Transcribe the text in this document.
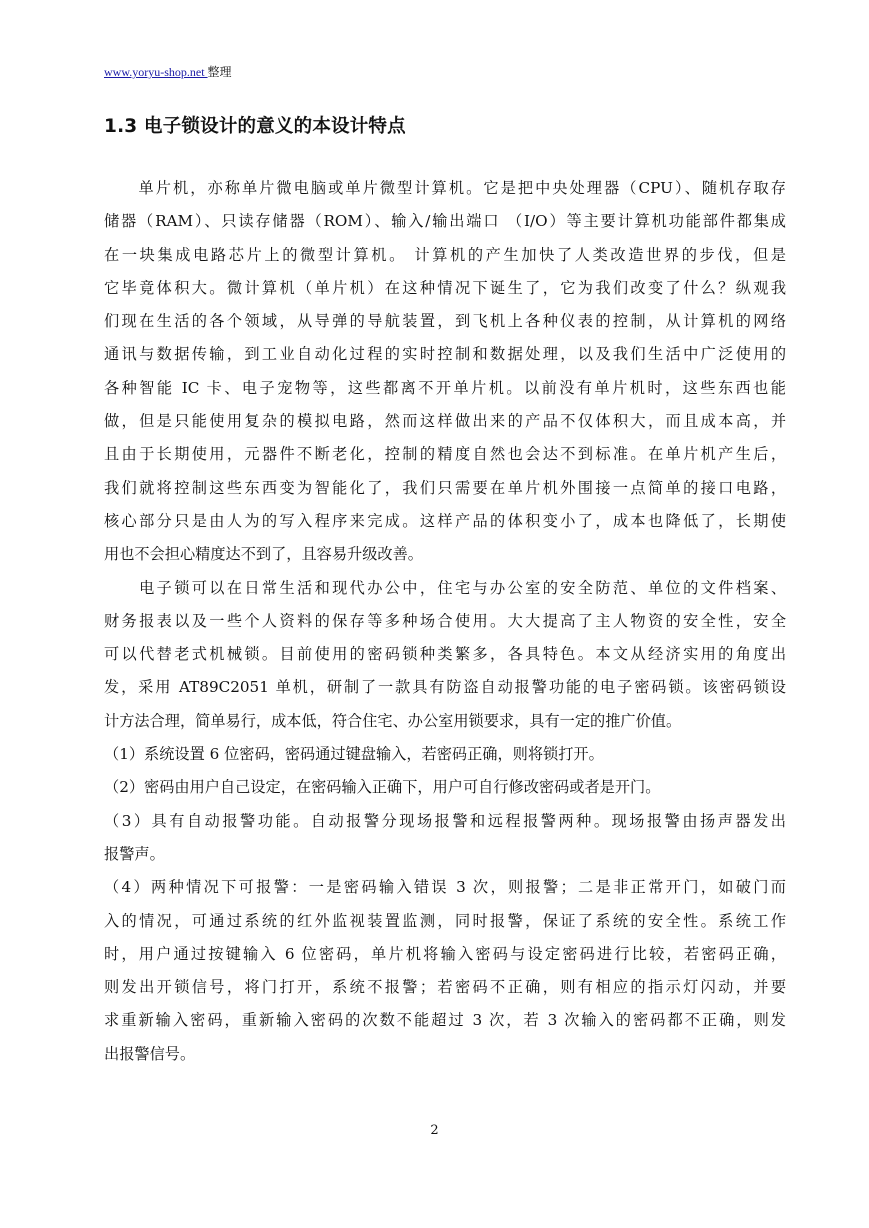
www.yoryu-shop.net 整理
1.3 电子锁设计的意义的本设计特点
　　单片机，亦称单片微电脑或单片微型计算机。它是把中央处理器（CPU）、随机存取存
储器（RAM）、只读存储器（ROM）、输入/输出端口 （I/O）等主要计算机功能部件都集成
在一块集成电路芯片上的微型计算机。 计算机的产生加快了人类改造世界的步伐，但是
它毕竟体积大。微计算机（单片机）在这种情况下诞生了，它为我们改变了什么？纵观我
们现在生活的各个领域，从导弹的导航装置，到飞机上各种仪表的控制，从计算机的网络
通讯与数据传输，到工业自动化过程的实时控制和数据处理，以及我们生活中广泛使用的
各种智能 IC 卡、电子宠物等，这些都离不开单片机。以前没有单片机时，这些东西也能
做，但是只能使用复杂的模拟电路，然而这样做出来的产品不仅体积大，而且成本高，并
且由于长期使用，元器件不断老化，控制的精度自然也会达不到标准。在单片机产生后，
我们就将控制这些东西变为智能化了，我们只需要在单片机外围接一点简单的接口电路，
核心部分只是由人为的写入程序来完成。这样产品的体积变小了，成本也降低了，长期使
用也不会担心精度达不到了，且容易升级改善。
　　电子锁可以在日常生活和现代办公中，住宅与办公室的安全防范、单位的文件档案、
财务报表以及一些个人资料的保存等多种场合使用。大大提高了主人物资的安全性，安全
可以代替老式机械锁。目前使用的密码锁种类繁多，各具特色。本文从经济实用的角度出
发，采用 AT89C2051 单机，研制了一款具有防盗自动报警功能的电子密码锁。该密码锁设
计方法合理，简单易行，成本低，符合住宅、办公室用锁要求，具有一定的推广价值。
（1）系统设置 6 位密码，密码通过键盘输入，若密码正确，则将锁打开。
（2）密码由用户自己设定，在密码输入正确下，用户可自行修改密码或者是开门。
（3）具有自动报警功能。自动报警分现场报警和远程报警两种。现场报警由扬声器发出
报警声。
（4）两种情况下可报警：一是密码输入错误 3 次，则报警；二是非正常开门，如破门而
入的情况，可通过系统的红外监视装置监测，同时报警，保证了系统的安全性。系统工作
时，用户通过按键输入 6 位密码，单片机将输入密码与设定密码进行比较，若密码正确，
则发出开锁信号，将门打开，系统不报警；若密码不正确，则有相应的指示灯闪动，并要
求重新输入密码，重新输入密码的次数不能超过 3 次，若 3 次输入的密码都不正确，则发
出报警信号。
2
